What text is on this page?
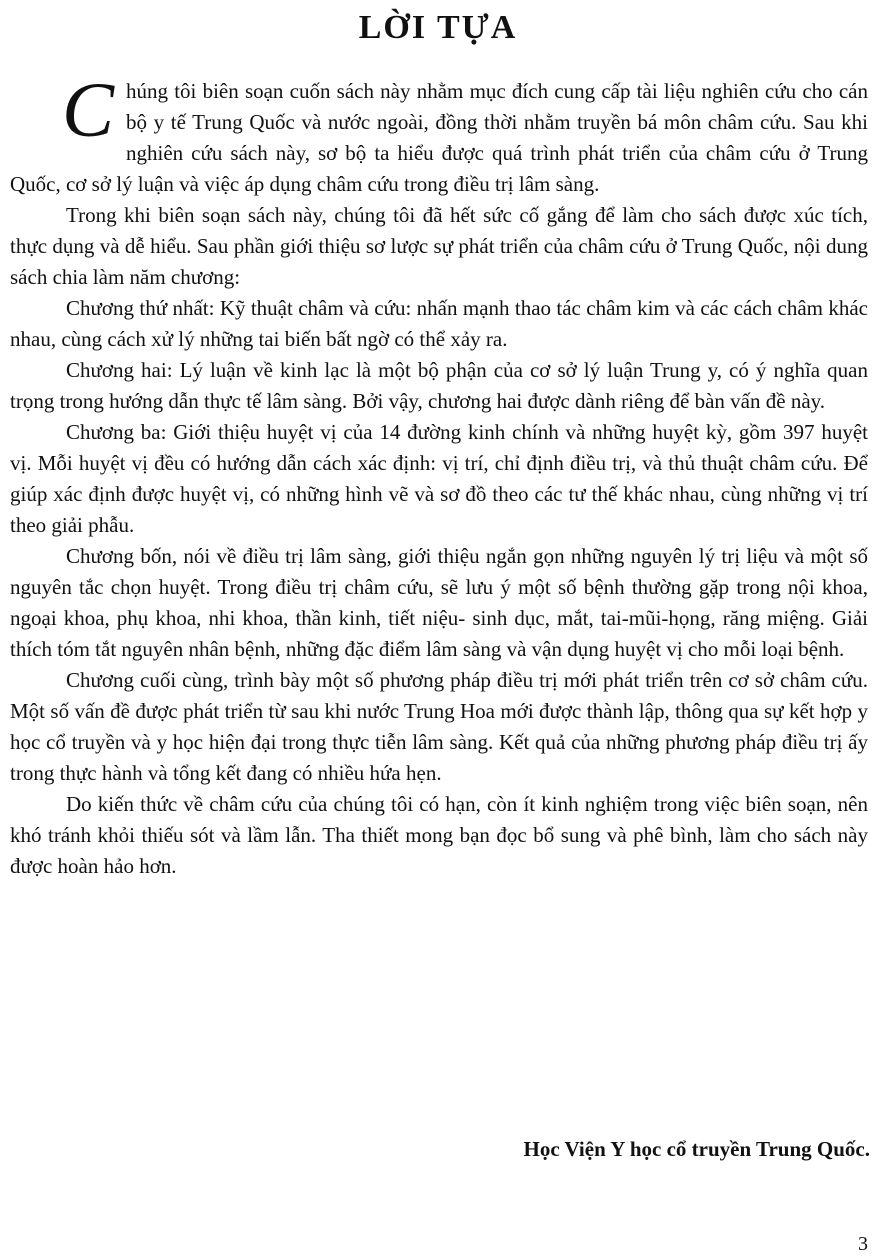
LỜI TỰA

Chúng tôi biên soạn cuốn sách này nhằm mục đích cung cấp tài liệu nghiên cứu cho cán bộ y tế Trung Quốc và nước ngoài, đồng thời nhằm truyền bá môn châm cứu. Sau khi nghiên cứu sách này, sơ bộ ta hiểu được quá trình phát triển của châm cứu ở Trung Quốc, cơ sở lý luận và việc áp dụng châm cứu trong điều trị lâm sàng.

Trong khi biên soạn sách này, chúng tôi đã hết sức cố gắng để làm cho sách được xúc tích, thực dụng và dễ hiểu. Sau phần giới thiệu sơ lược sự phát triển của châm cứu ở Trung Quốc, nội dung sách chia làm năm chương:

Chương thứ nhất: Kỹ thuật châm và cứu: nhấn mạnh thao tác châm kim và các cách châm khác nhau, cùng cách xử lý những tai biến bất ngờ có thể xảy ra.

Chương hai: Lý luận về kinh lạc là một bộ phận của cơ sở lý luận Trung y, có ý nghĩa quan trọng trong hướng dẫn thực tế lâm sàng. Bởi vậy, chương hai được dành riêng để bàn vấn đề này.

Chương ba: Giới thiệu huyệt vị của 14 đường kinh chính và những huyệt kỳ, gồm 397 huyệt vị. Mỗi huyệt vị đều có hướng dẫn cách xác định: vị trí, chỉ định điều trị, và thủ thuật châm cứu. Để giúp xác định được huyệt vị, có những hình vẽ và sơ đồ theo các tư thế khác nhau, cùng những vị trí theo giải phẫu.

Chương bốn, nói về điều trị lâm sàng, giới thiệu ngắn gọn những nguyên lý trị liệu và một số nguyên tắc chọn huyệt. Trong điều trị châm cứu, sẽ lưu ý một số bệnh thường gặp trong nội khoa, ngoại khoa, phụ khoa, nhi khoa, thần kinh, tiết niệu- sinh dục, mắt, tai-mũi-họng, răng miệng. Giải thích tóm tắt nguyên nhân bệnh, những đặc điểm lâm sàng và vận dụng huyệt vị cho mỗi loại bệnh.

Chương cuối cùng, trình bày một số phương pháp điều trị mới phát triển trên cơ sở châm cứu. Một số vấn đề được phát triển từ sau khi nước Trung Hoa mới được thành lập, thông qua sự kết hợp y học cổ truyền và y học hiện đại trong thực tiễn lâm sàng. Kết quả của những phương pháp điều trị ấy trong thực hành và tổng kết đang có nhiều hứa hẹn.

Do kiến thức về châm cứu của chúng tôi có hạn, còn ít kinh nghiệm trong việc biên soạn, nên khó tránh khỏi thiếu sót và lầm lẫn. Tha thiết mong bạn đọc bổ sung và phê bình, làm cho sách này được hoàn hảo hơn.

Học Viện Y học cổ truyền Trung Quốc.
3
